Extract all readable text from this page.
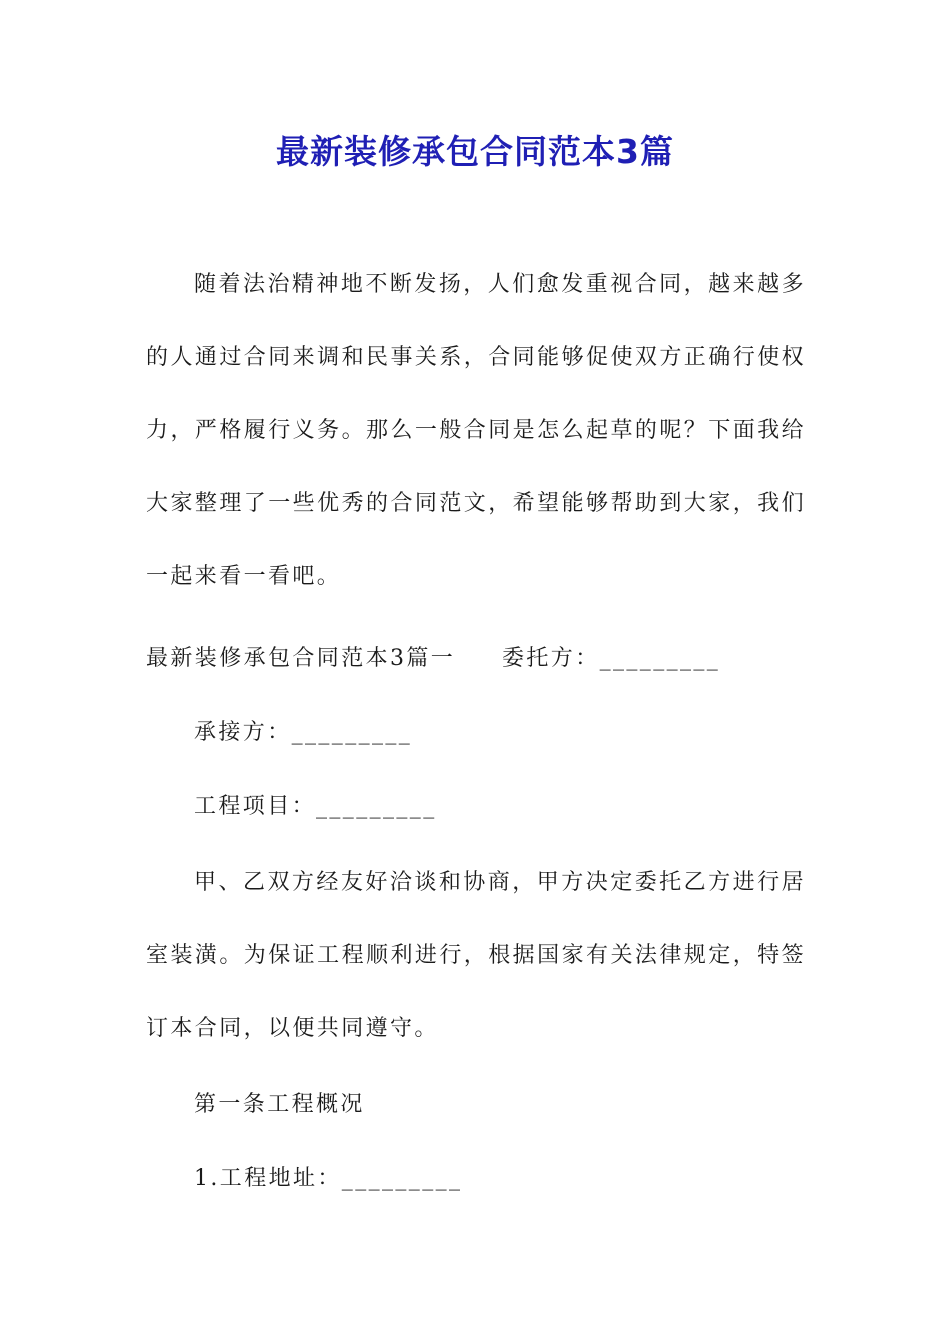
最新装修承包合同范本3篇

随着法治精神地不断发扬，人们愈发重视合同，越来越多的人通过合同来调和民事关系，合同能够促使双方正确行使权力，严格履行义务。那么一般合同是怎么起草的呢？下面我给大家整理了一些优秀的合同范文，希望能够帮助到大家，我们一起来看一看吧。

最新装修承包合同范本3篇一 委托方：_________
承接方：_________
工程项目：_________

甲、乙双方经友好洽谈和协商，甲方决定委托乙方进行居室装潢。为保证工程顺利进行，根据国家有关法律规定，特签订本合同，以便共同遵守。

第一条工程概况
1.工程地址：_________
